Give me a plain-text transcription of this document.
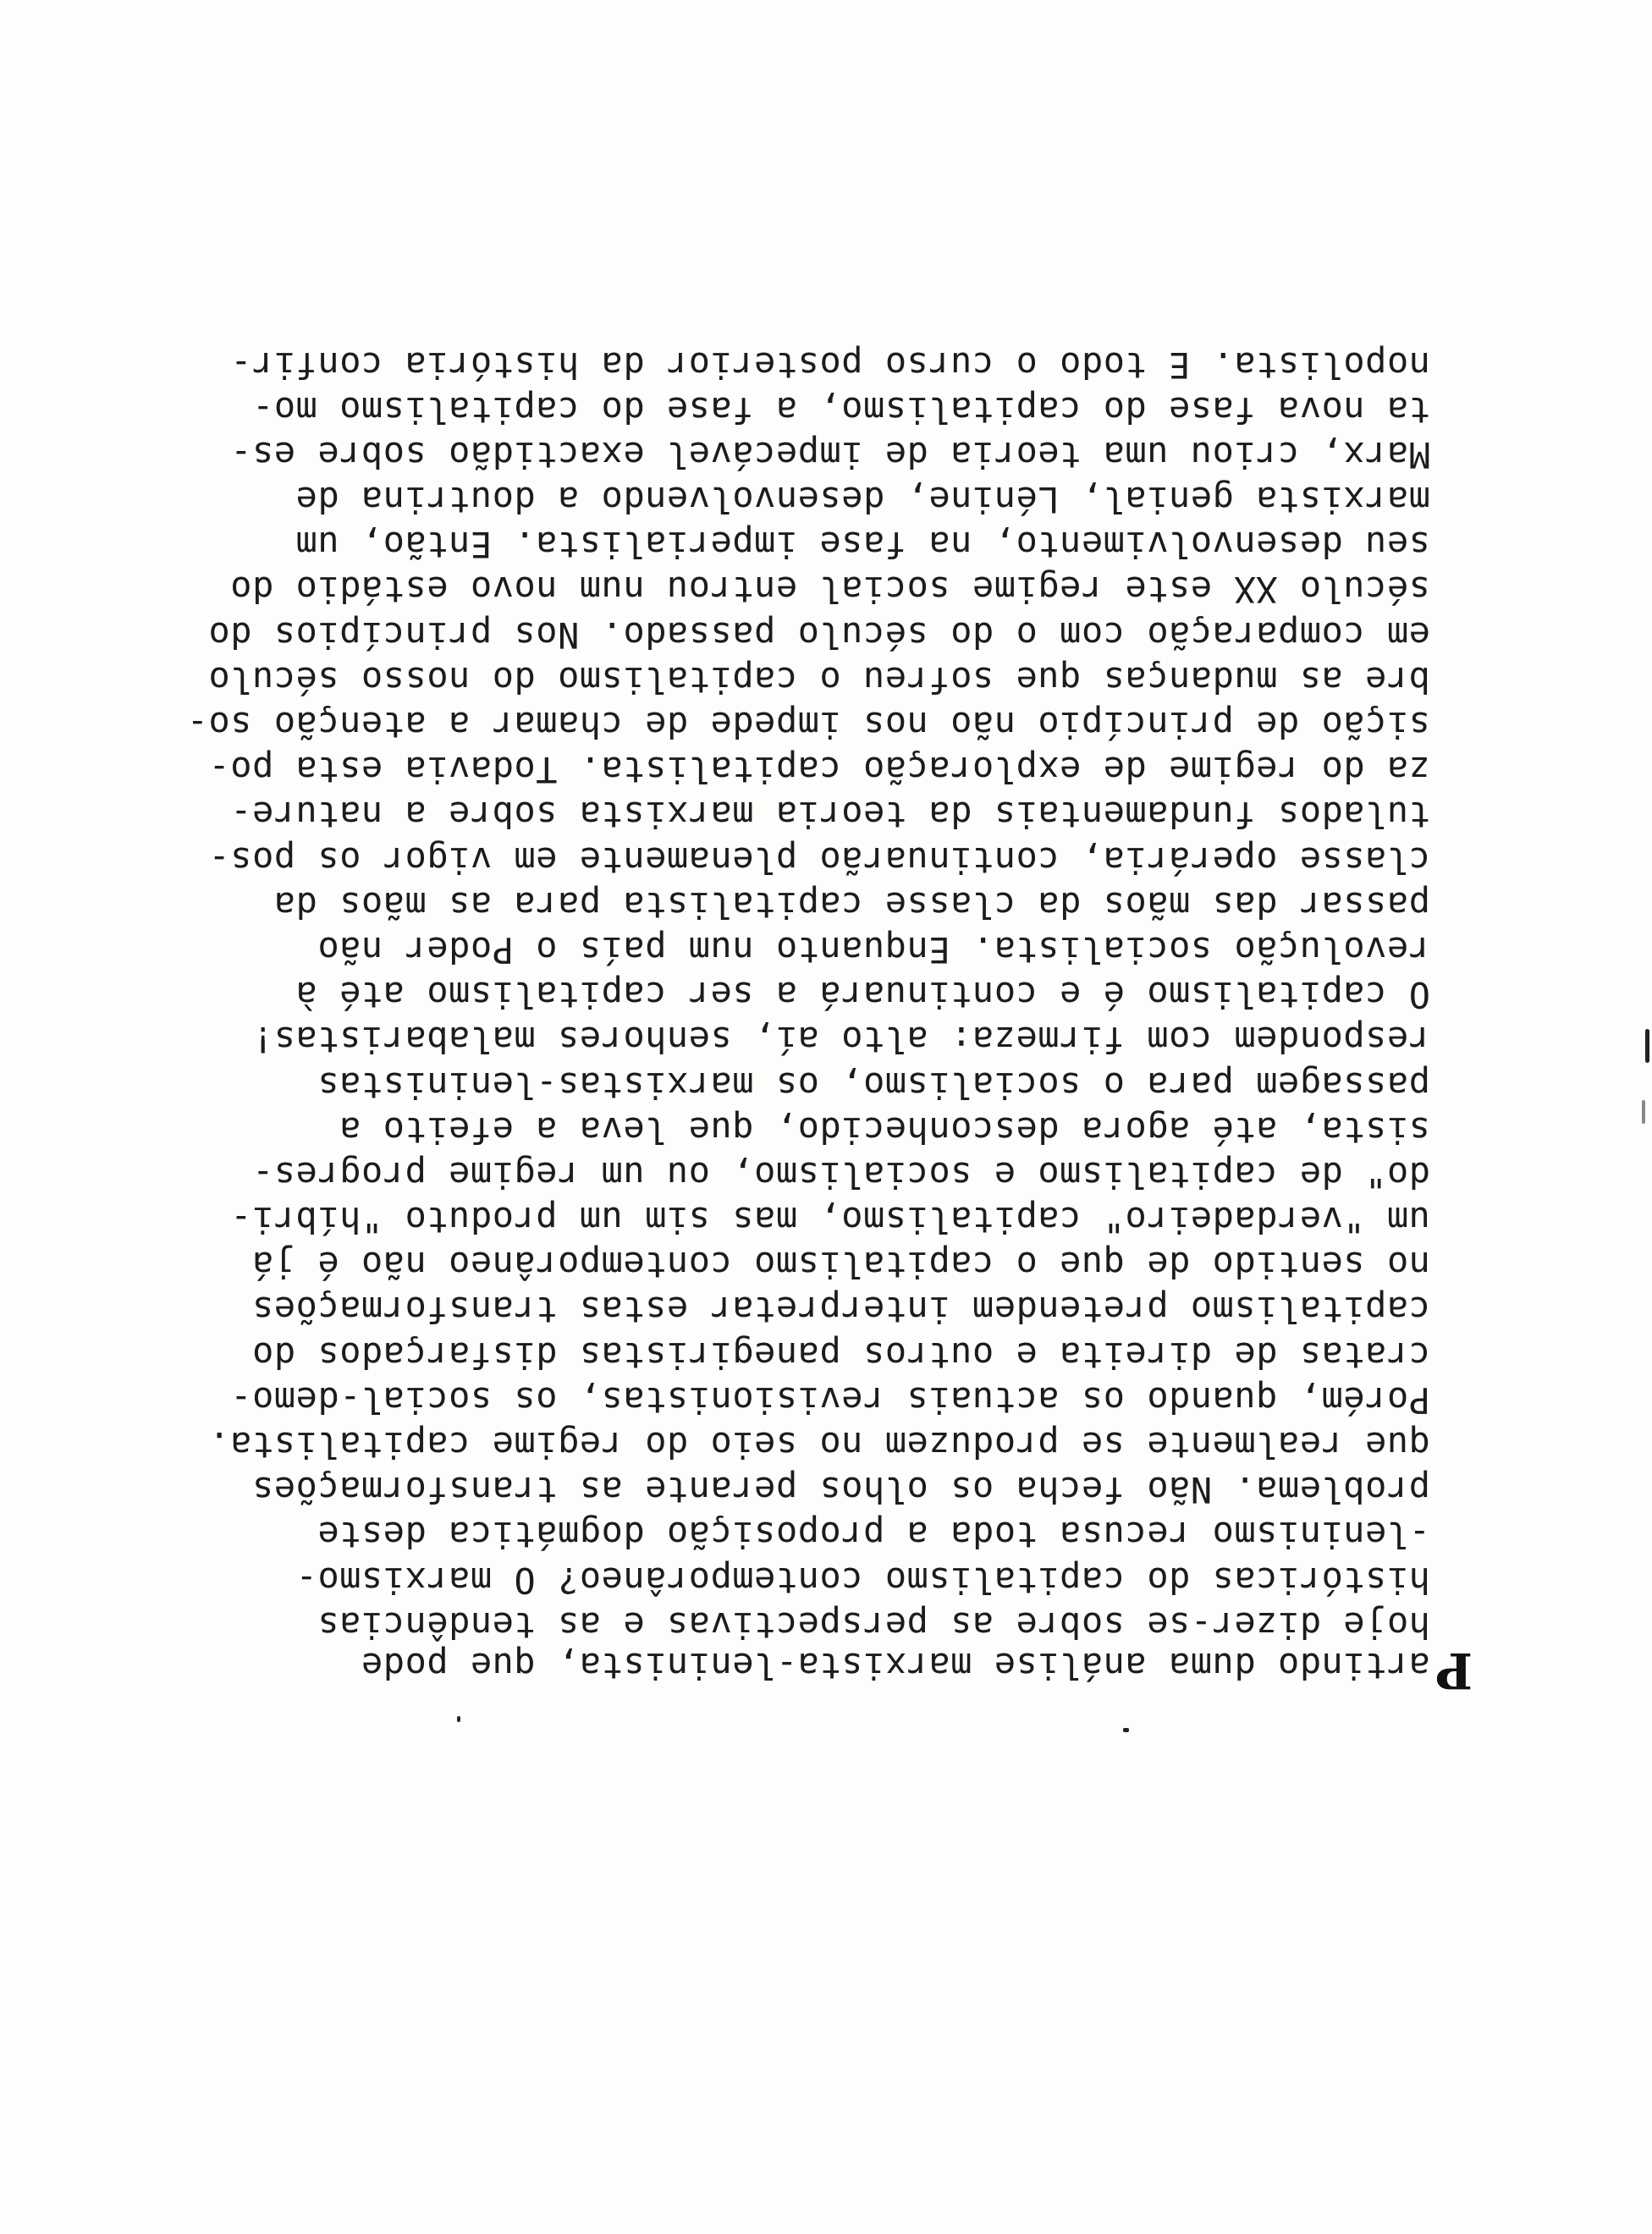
Partindo duma análise marxista-leninista, que pode
hoje dizer-se sobre as perspectivas e as tendências
históricas do capitalismo contemporâneo? O marxismo-
-leninismo recusa toda a proposição dogmática deste
problema. Não fecha os olhos perante as transformações
que realmente se produzem no seio do regime capitalista.
Porém, quando os actuais revisionistas, os social-demo-
cratas de direita e outros panegiristas disfarçados do
capitalismo pretendem interpretar estas transformações
no sentido de que o capitalismo contemporâneo não é já
um "verdadeiro" capitalismo, mas sim um produto "híbri-
do" de capitalismo e socialismo, ou um regime progres-
sista, até agora desconhecido, que leva a efeito a
passagem para o socialismo, os marxistas-leninistas
respondem com firmeza: alto aí, senhores malabaristas!
O capitalismo é e continuará a ser capitalismo até à
revolução socialista. Enquanto num país o Poder não
passar das mãos da classe capitalista para as mãos da
classe operária, continuarão plenamente em vigor os pos-
tulados fundamentais da teoria marxista sobre a nature-
za do regime de exploração capitalista. Todavia esta po-
sição de princípio não nos impede de chamar a atenção so-
bre as mudanças que sofreu o capitalismo do nosso século
em comparação com o do século passado. Nos princípios do
século XX este regime social entrou num novo estádio do
seu desenvolvimento, na fase imperialista. Então, um
marxista genial, Lénine, desenvolvendo a doutrina de
Marx, criou uma teoria de impecável exactidão sobre es-
ta nova fase do capitalismo, a fase do capitalismo mo-
nopolista. E todo o curso posterior da história confir-
